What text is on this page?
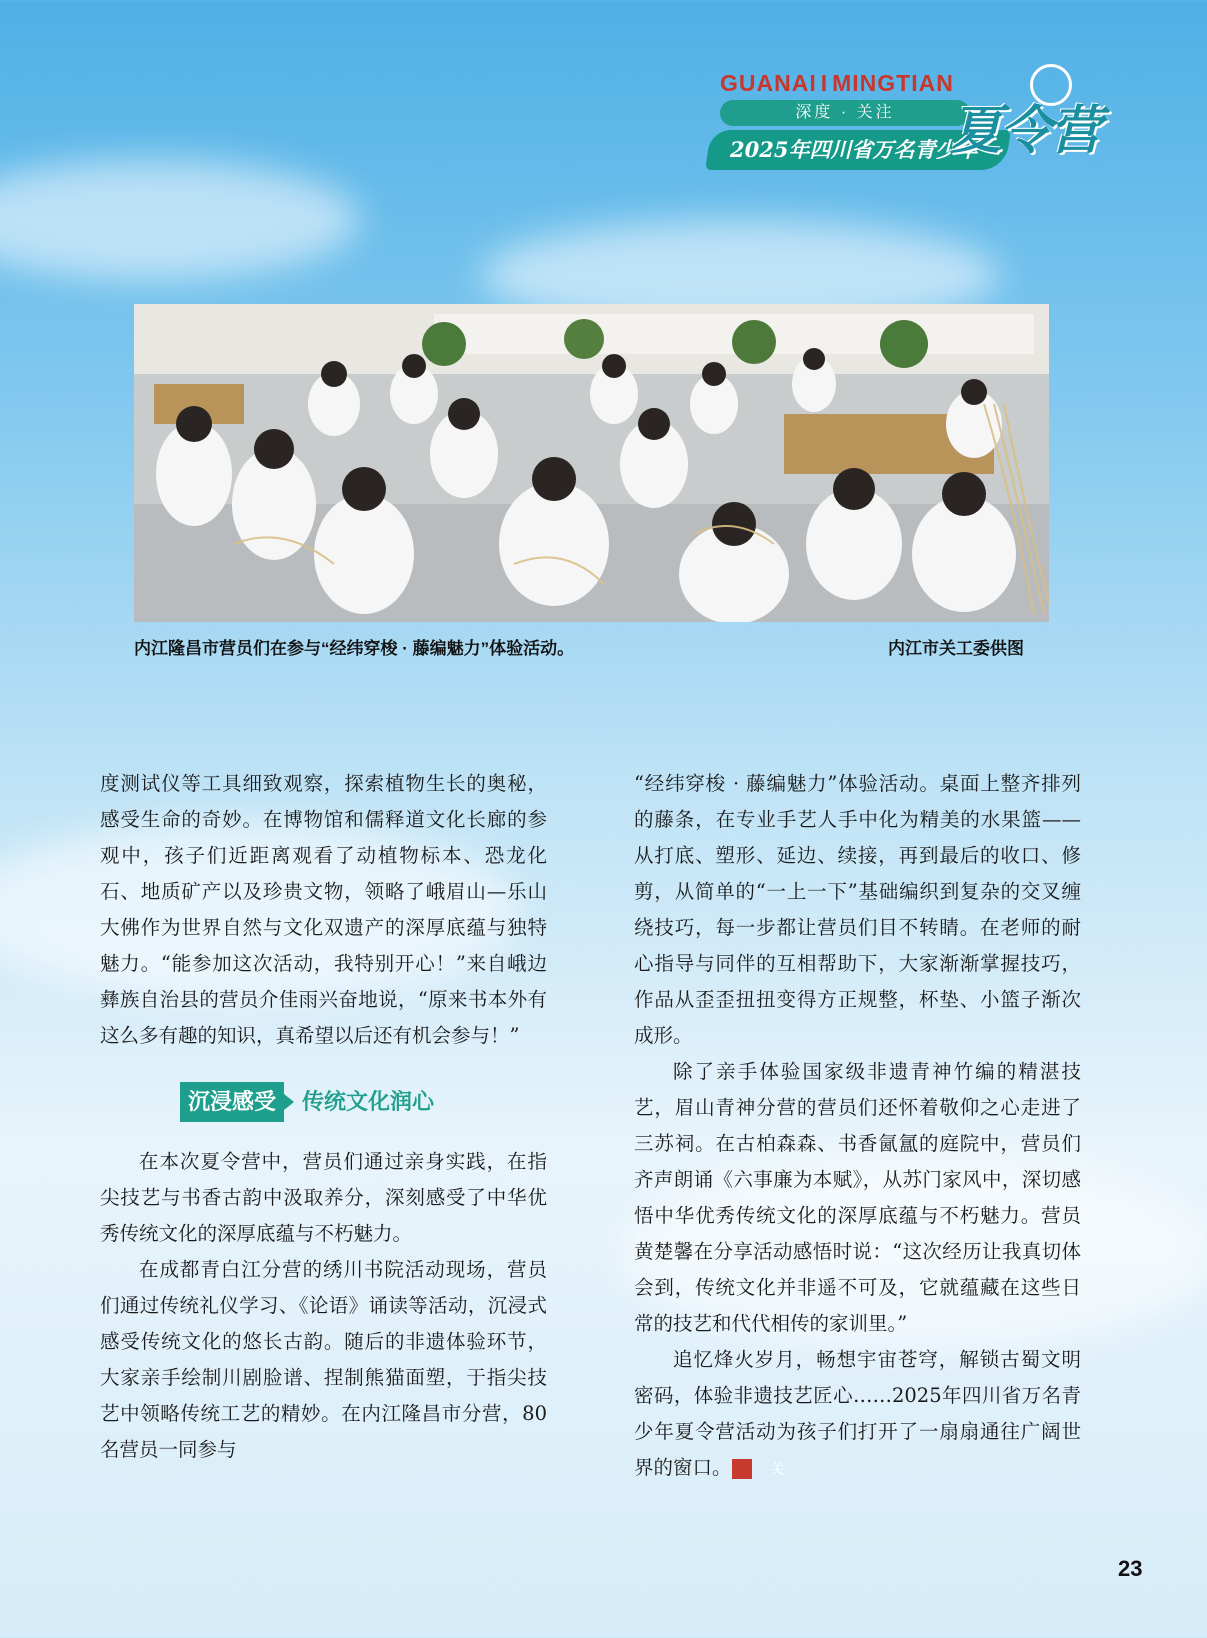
GUANAI I MINGTIAN
深度 · 关注
2025年四川省万名青少年
夏令营
内江隆昌市营员们在参与“经纬穿梭 · 藤编魅力”体验活动。	内江市关工委供图

度测试仪等工具细致观察，探索植物生长的奥秘，感受生命的奇妙。在博物馆和儒释道文化长廊的参观中，孩子们近距离观看了动植物标本、恐龙化石、地质矿产以及珍贵文物，领略了峨眉山—乐山大佛作为世界自然与文化双遗产的深厚底蕴与独特魅力。“能参加这次活动，我特别开心！”来自峨边彝族自治县的营员介佳雨兴奋地说，“原来书本外有这么多有趣的知识，真希望以后还有机会参与！”

沉浸感受	传统文化润心

在本次夏令营中，营员们通过亲身实践，在指尖技艺与书香古韵中汲取养分，深刻感受了中华优秀传统文化的深厚底蕴与不朽魅力。

在成都青白江分营的绣川书院活动现场，营员们通过传统礼仪学习、《论语》诵读等活动，沉浸式感受传统文化的悠长古韵。随后的非遗体验环节，大家亲手绘制川剧脸谱、捏制熊猫面塑，于指尖技艺中领略传统工艺的精妙。在内江隆昌市分营，80名营员一同参与

“经纬穿梭 · 藤编魅力”体验活动。桌面上整齐排列的藤条，在专业手艺人手中化为精美的水果篮——从打底、塑形、延边、续接，再到最后的收口、修剪，从简单的“一上一下”基础编织到复杂的交叉缠绕技巧，每一步都让营员们目不转睛。在老师的耐心指导与同伴的互相帮助下，大家渐渐掌握技巧，作品从歪歪扭扭变得方正规整，杯垫、小篮子渐次成形。

除了亲手体验国家级非遗青神竹编的精湛技艺，眉山青神分营的营员们还怀着敬仰之心走进了三苏祠。在古柏森森、书香氤氲的庭院中，营员们齐声朗诵《六事廉为本赋》，从苏门家风中，深切感悟中华优秀传统文化的深厚底蕴与不朽魅力。营员黄楚馨在分享活动感悟时说：“这次经历让我真切体会到，传统文化并非遥不可及，它就蕴藏在这些日常的技艺和代代相传的家训里。”

追忆烽火岁月，畅想宇宙苍穹，解锁古蜀文明密码，体验非遗技艺匠心……2025年四川省万名青少年夏令营活动为孩子们打开了一扇扇通往广阔世界的窗口。	关

23
